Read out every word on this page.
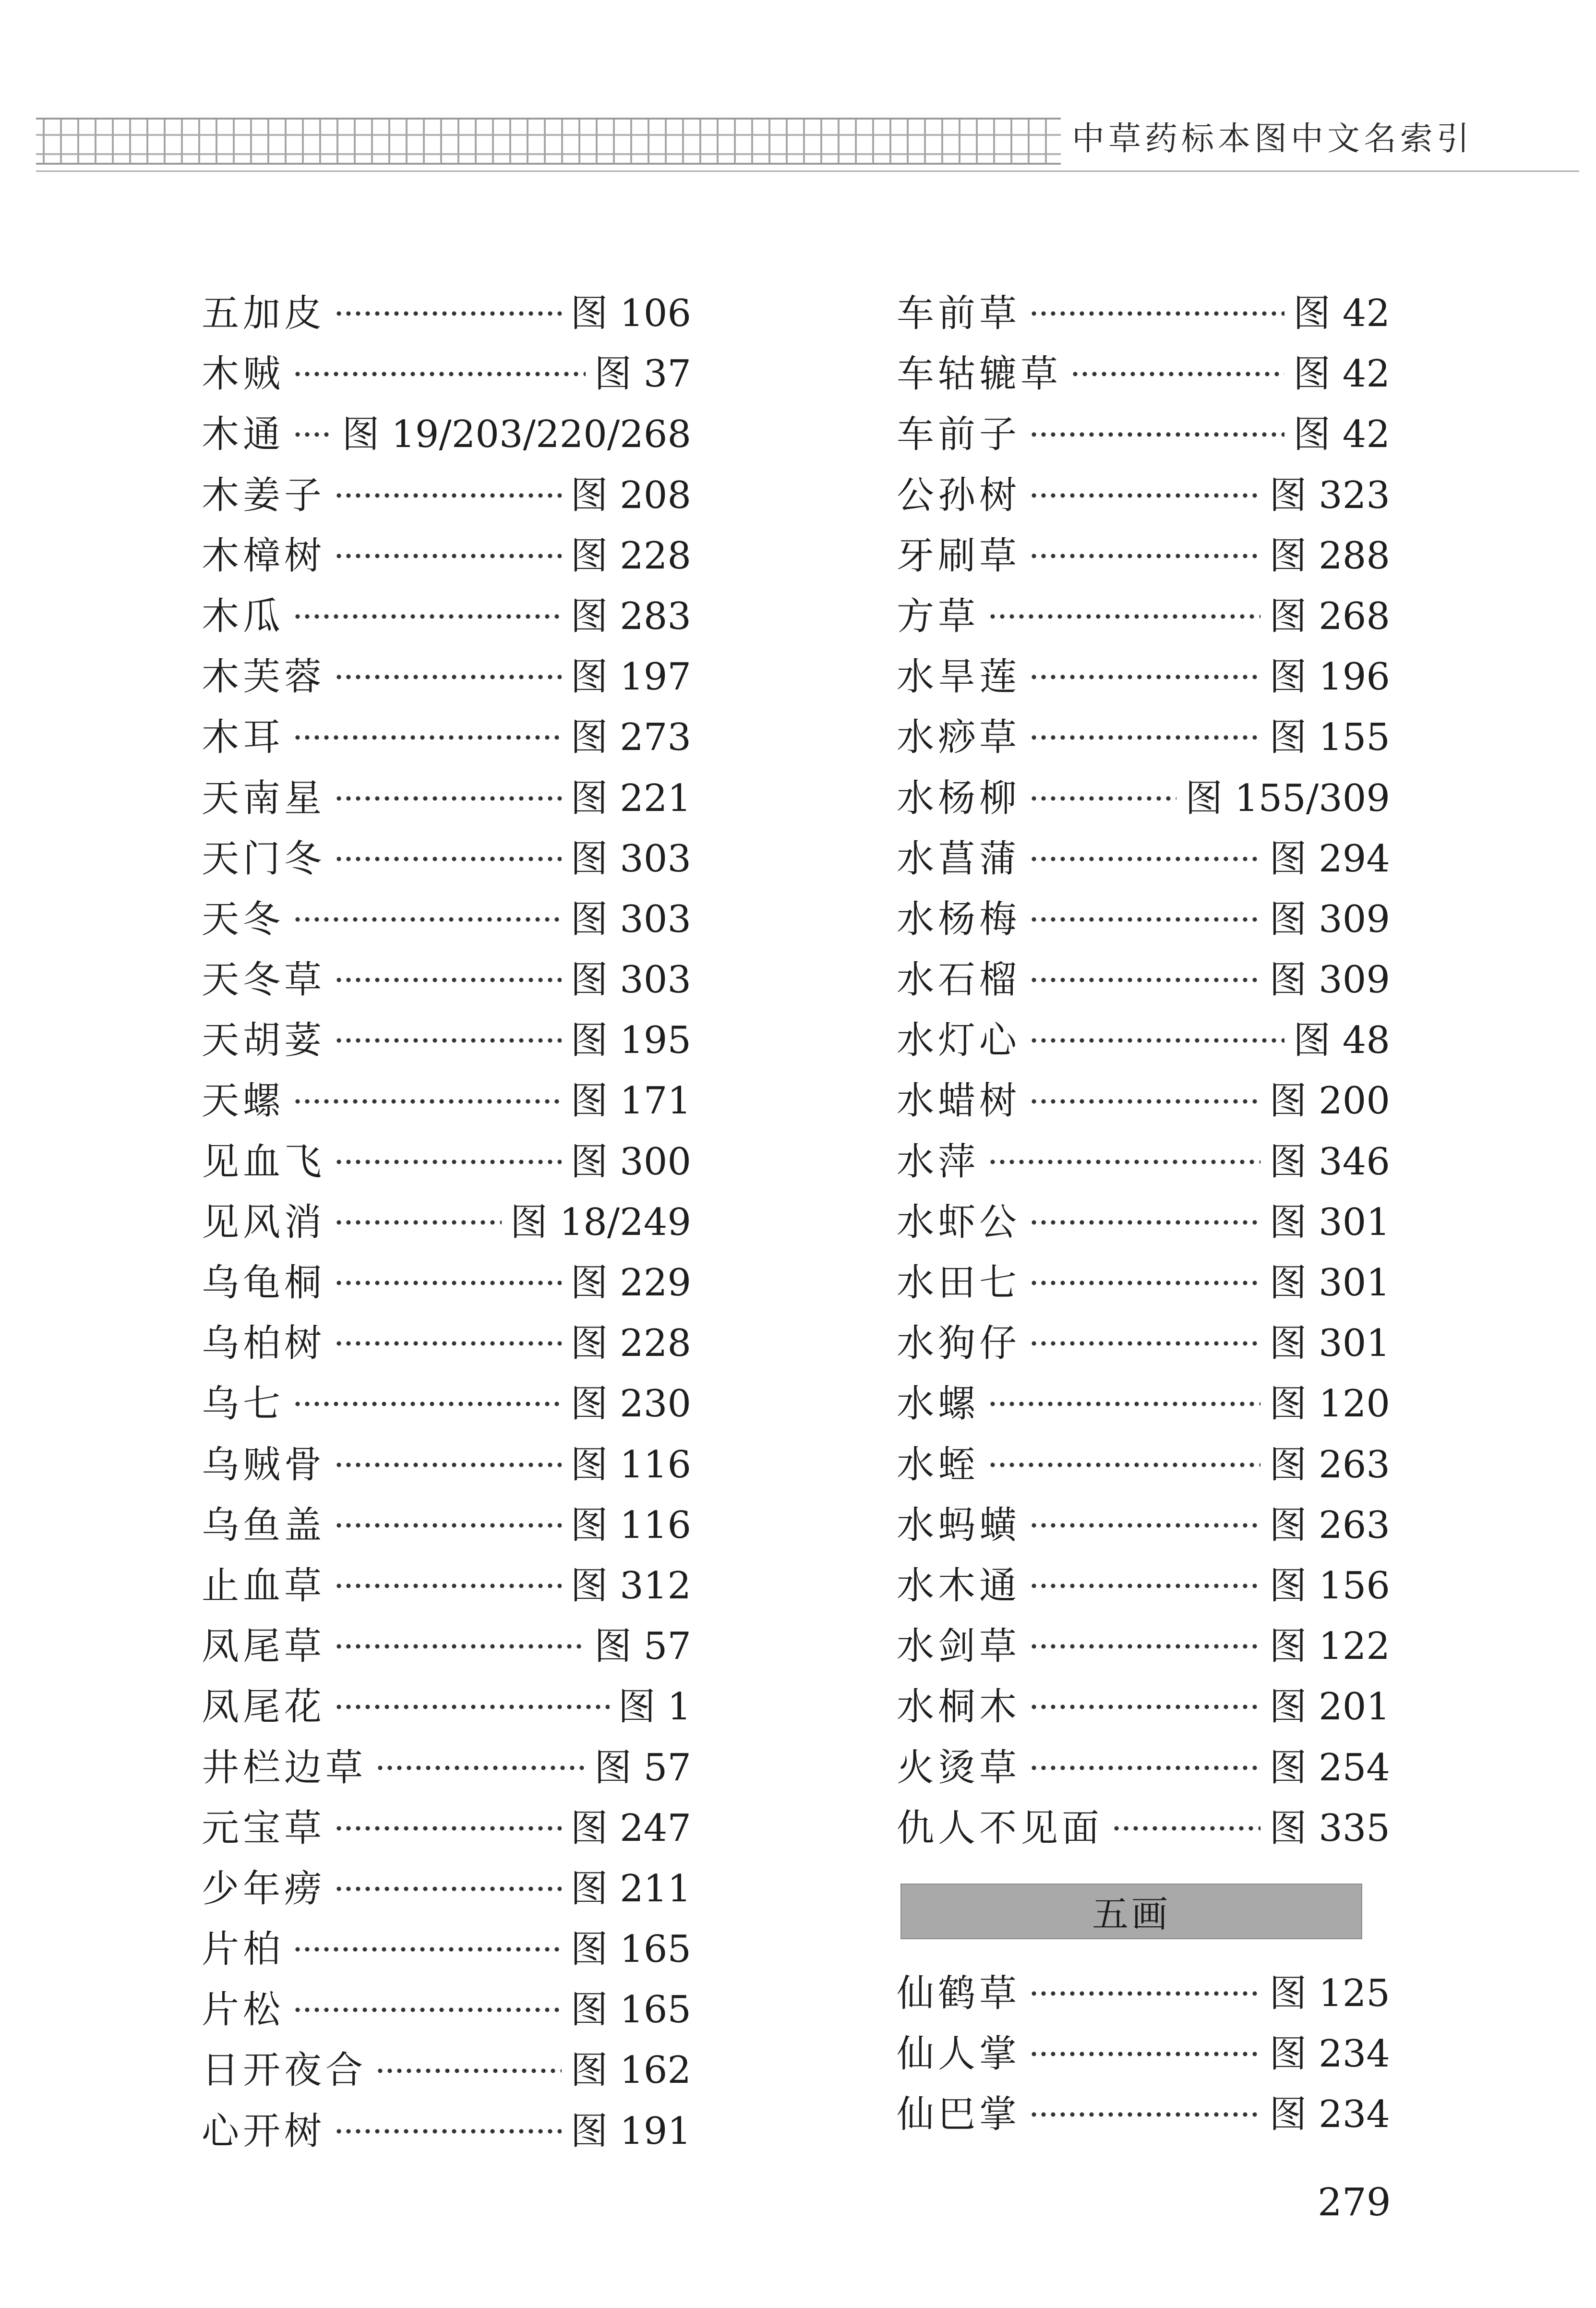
中草药标本图中文名索引
五加皮	图 106
木贼	图 37
木通 图 19/203/220/268
木姜子	图 208
木樟树	图 228
木瓜	图 283
木芙蓉	图 197
木耳	图 273
天南星	图 221
天门冬	图 303
天冬	图 303
天冬草	图 303
天胡荽	图 195
天螺	图 171
见血飞	图 300
见风消	图 18/249
乌龟桐	图 229
乌柏树	图 228
乌七	图 230
乌贼骨	图 116
乌鱼盖	图 116
止血草	图 312
凤尾草	图 57
凤尾花	图 1
井栏边草	图 57
元宝草	图 247
少年痨	图 211
片柏	图 165
片松	图 165
日开夜合	图 162
心开树	图 191
车前草	图 42
车轱辘草	图 42
车前子	图 42
公孙树	图 323
牙刷草	图 288
方草	图 268
水旱莲	图 196
水痧草	图 155
水杨柳	图 155/309
水菖蒲	图 294
水杨梅	图 309
水石榴	图 309
水灯心	图 48
水蜡树	图 200
水萍	图 346
水虾公	图 301
水田七	图 301
水狗仔	图 301
水螺	图 120
水蛭	图 263
水蚂蟥	图 263
水木通	图 156
水剑草	图 122
水桐木	图 201
火烫草	图 254
仇人不见面	图 335
五画
仙鹤草	图 125
仙人掌	图 234
仙巴掌	图 234
279
